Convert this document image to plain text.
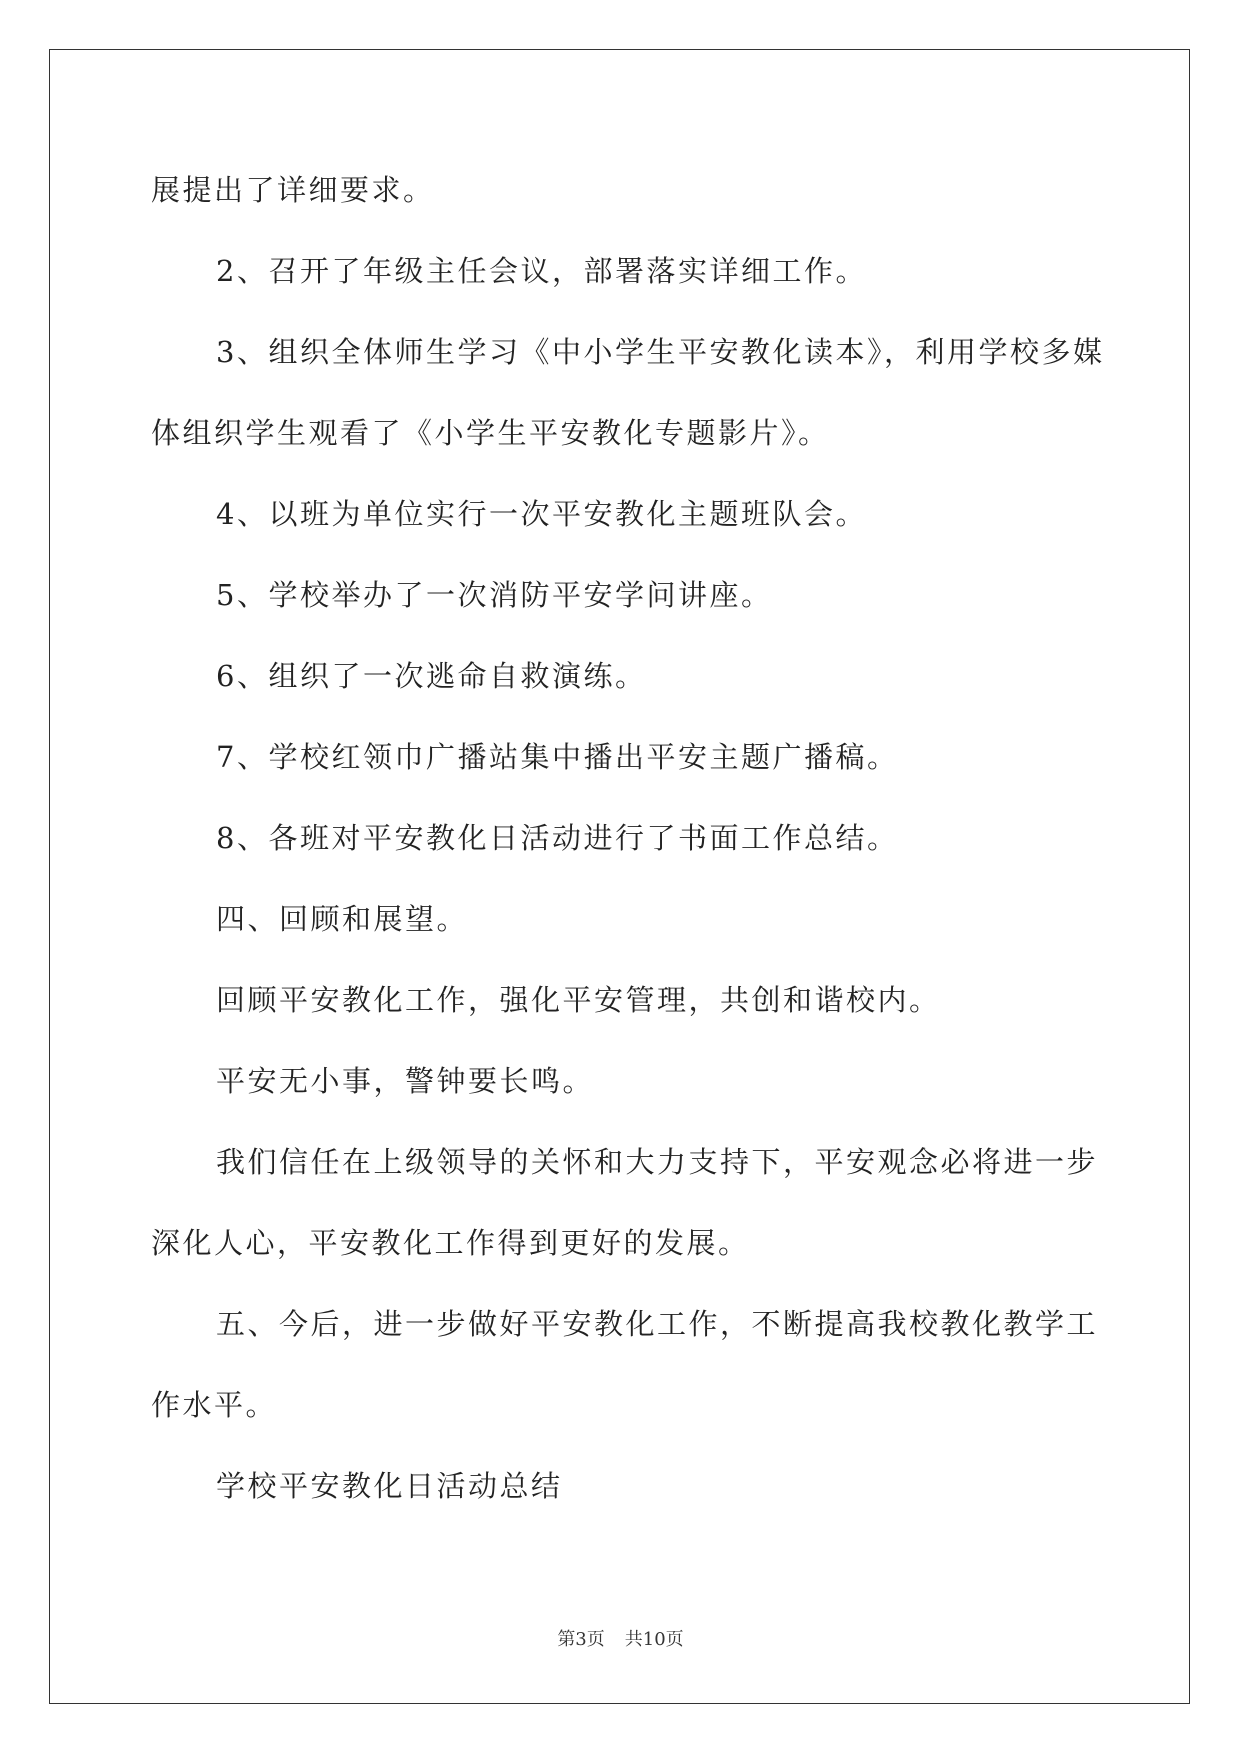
展提出了详细要求。
2、召开了年级主任会议，部署落实详细工作。
3、组织全体师生学习《中小学生平安教化读本》，利用学校多媒
体组织学生观看了《小学生平安教化专题影片》。
4、以班为单位实行一次平安教化主题班队会。
5、学校举办了一次消防平安学问讲座。
6、组织了一次逃命自救演练。
7、学校红领巾广播站集中播出平安主题广播稿。
8、各班对平安教化日活动进行了书面工作总结。
四、回顾和展望。
回顾平安教化工作，强化平安管理，共创和谐校内。
平安无小事，警钟要长鸣。
我们信任在上级领导的关怀和大力支持下，平安观念必将进一步
深化人心，平安教化工作得到更好的发展。
五、今后，进一步做好平安教化工作，不断提高我校教化教学工
作水平。
学校平安教化日活动总结
第3页 共10页
